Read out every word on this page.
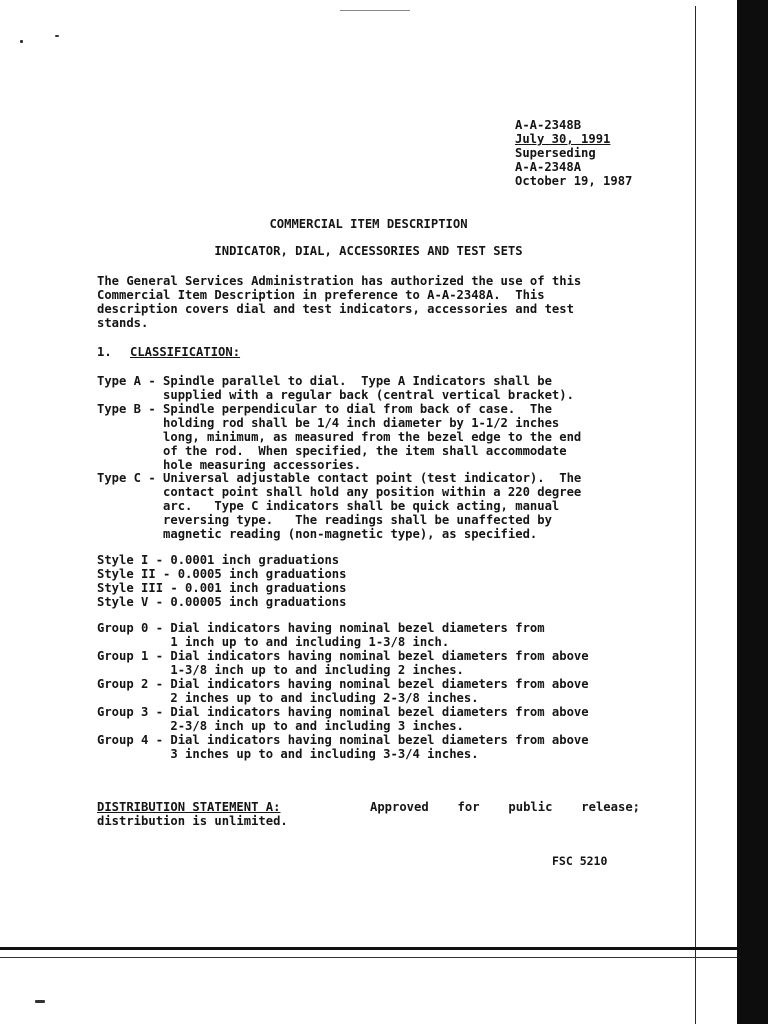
A-A-2348B
July 30, 1991
Superseding
A-A-2348A
October 19, 1987
COMMERCIAL ITEM DESCRIPTION
INDICATOR, DIAL, ACCESSORIES AND TEST SETS
The General Services Administration has authorized the use of this
Commercial Item Description in preference to A-A-2348A.  This
description covers dial and test indicators, accessories and test
stands.
1. CLASSIFICATION:
Type A - Spindle parallel to dial.  Type A Indicators shall be
supplied with a regular back (central vertical bracket).
Type B - Spindle perpendicular to dial from back of case.  The
holding rod shall be 1/4 inch diameter by 1-1/2 inches
long, minimum, as measured from the bezel edge to the end
of the rod.  When specified, the item shall accommodate
hole measuring accessories.
Type C - Universal adjustable contact point (test indicator).  The
contact point shall hold any position within a 220 degree
arc.   Type C indicators shall be quick acting, manual
reversing type.   The readings shall be unaffected by
magnetic reading (non-magnetic type), as specified.
Style I - 0.0001 inch graduations
Style II - 0.0005 inch graduations
Style III - 0.001 inch graduations
Style V - 0.00005 inch graduations
Group 0 - Dial indicators having nominal bezel diameters from
1 inch up to and including 1-3/8 inch.
Group 1 - Dial indicators having nominal bezel diameters from above
1-3/8 inch up to and including 2 inches.
Group 2 - Dial indicators having nominal bezel diameters from above
2 inches up to and including 2-3/8 inches.
Group 3 - Dial indicators having nominal bezel diameters from above
2-3/8 inch up to and including 3 inches.
Group 4 - Dial indicators having nominal bezel diameters from above
3 inches up to and including 3-3/4 inches.
DISTRIBUTION STATEMENT A:	Approved for public release;
distribution is unlimited.
FSC 5210
